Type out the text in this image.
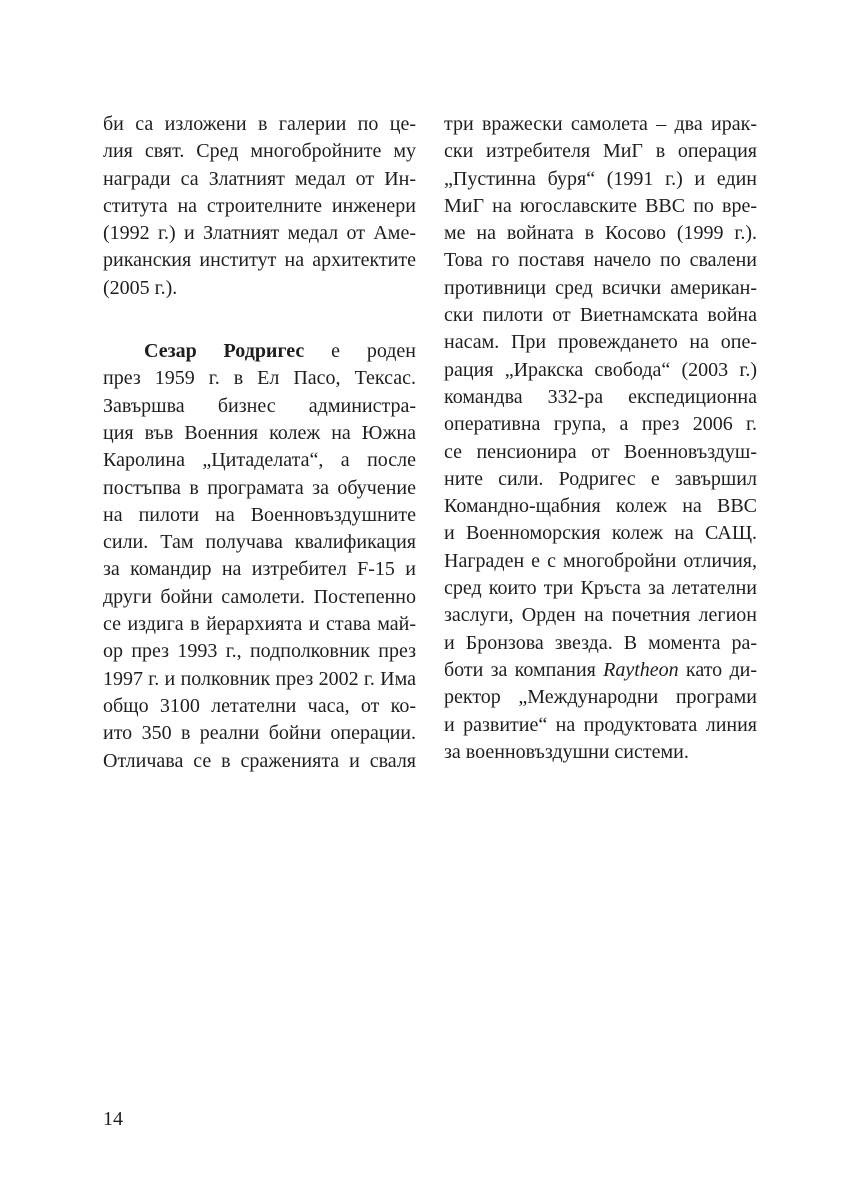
би са изложени в галерии по це-
лия свят. Сред многобройните му
награди са Златният медал от Ин-
ститута на строителните инженери
(1992 г.) и Златният медал от Аме-
риканския институт на архитектите
(2005 г.).
Сезар Родригес е роден
през 1959 г. в Ел Пасо, Тексас.
Завършва бизнес администра-
ция във Военния колеж на Южна
Каролина „Цитаделата“, а после
постъпва в програмата за обучение
на пилоти на Военновъздушните
сили. Там получава квалификация
за командир на изтребител F-15 и
други бойни самолети. Постепенно
се издига в йерархията и става май-
ор през 1993 г., подполковник през
1997 г. и полковник през 2002 г. Има
общо 3100 летателни часа, от ко-
ито 350 в реални бойни операции.
Отличава се в сраженията и сваля
три вражески самолета – два ирак-
ски изтребителя МиГ в операция
„Пустинна буря“ (1991 г.) и един
МиГ на югославските ВВС по вре-
ме на войната в Косово (1999 г.).
Това го поставя начело по свалени
противници сред всички американ-
ски пилоти от Виетнамската война
насам. При провеждането на опе-
рация „Иракска свобода“ (2003 г.)
командва 332-ра експедиционна
оперативна група, а през 2006 г.
се пенсионира от Военновъздуш-
ните сили. Родригес е завършил
Командно-щабния колеж на ВВС
и Военноморския колеж на САЩ.
Награден е с многобройни отличия,
сред които три Кръста за летателни
заслуги, Орден на почетния легион
и Бронзова звезда. В момента ра-
боти за компания Raytheon като ди-
ректор „Международни програми
и развитие“ на продуктовата линия
за военновъздушни системи.
14
